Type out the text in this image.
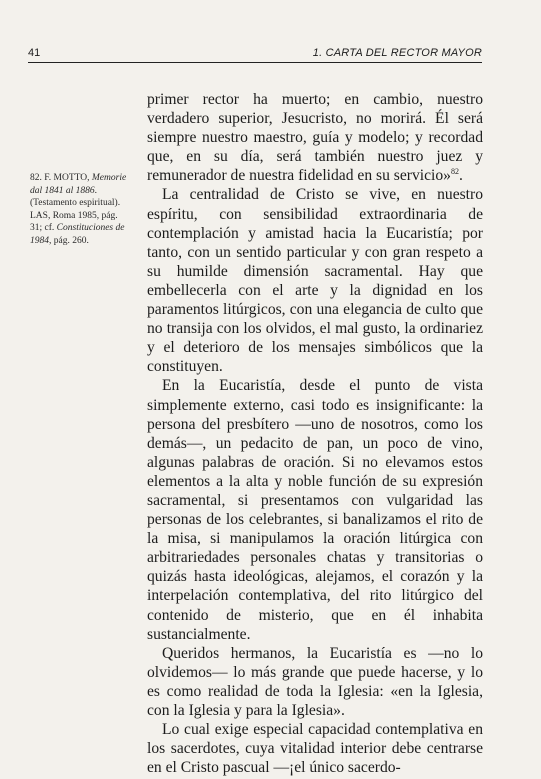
41	1. CARTA DEL RECTOR MAYOR

82. F. MOTTO, Memorie dal 1841 al 1886. (Testamento espiritual). LAS, Roma 1985, pág. 31; cf. Constituciones de 1984, pág. 260.

primer rector ha muerto; en cambio, nuestro verdadero superior, Jesucristo, no morirá. Él será siempre nuestro maestro, guía y modelo; y recordad que, en su día, será también nuestro juez y remunerador de nuestra fidelidad en su servicio»$^{82}$.

La centralidad de Cristo se vive, en nuestro espíritu, con sensibilidad extraordinaria de contemplación y amistad hacia la Eucaristía; por tanto, con un sentido particular y con gran respeto a su humilde dimensión sacramental. Hay que embellecerla con el arte y la dignidad en los paramentos litúrgicos, con una elegancia de culto que no transija con los olvidos, el mal gusto, la ordinariez y el deterioro de los mensajes simbólicos que la constituyen.

En la Eucaristía, desde el punto de vista simplemente externo, casi todo es insignificante: la persona del presbítero —uno de nosotros, como los demás—, un pedacito de pan, un poco de vino, algunas palabras de oración. Si no elevamos estos elementos a la alta y noble función de su expresión sacramental, si presentamos con vulgaridad las personas de los celebrantes, si banalizamos el rito de la misa, si manipulamos la oración litúrgica con arbitrariedades personales chatas y transitorias o quizás hasta ideológicas, alejamos, el corazón y la interpelación contemplativa, del rito litúrgico del contenido de misterio, que en él inhabita sustancialmente.

Queridos hermanos, la Eucaristía es —no lo olvidemos— lo más grande que puede hacerse, y lo es como realidad de toda la Iglesia: «en la Iglesia, con la Iglesia y para la Iglesia».

Lo cual exige especial capacidad contemplativa en los sacerdotes, cuya vitalidad interior debe centrarse en el Cristo pascual —¡el único sacerdo-
